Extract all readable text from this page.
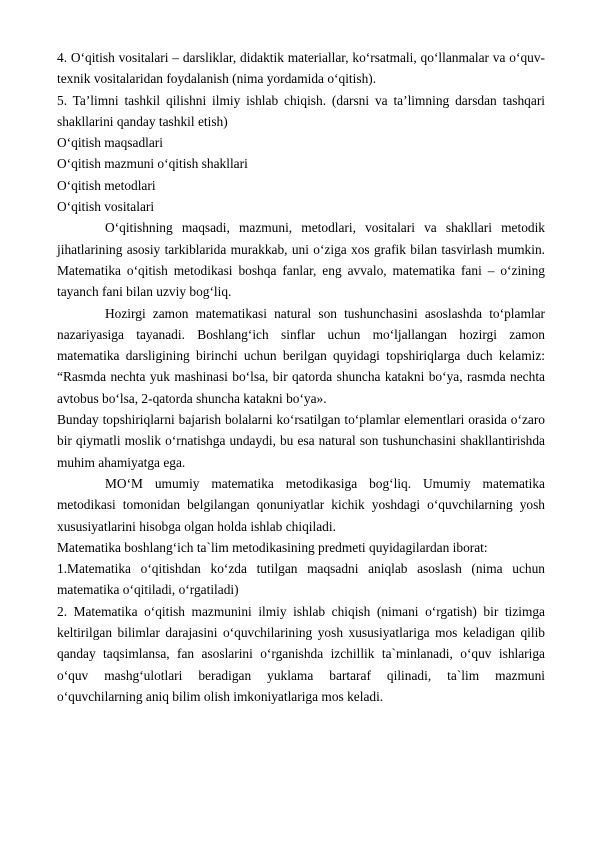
4. O‘qitish vositalari – darsliklar, didaktik materiallar, ko‘rsatmali, qo‘llanmalar va o‘quv- texnik vositalaridan foydalanish (nima yordamida o‘qitish).

5. Ta’limni tashkil qilishni ilmiy ishlab chiqish. (darsni va ta’limning darsdan tashqari shakllarini qanday tashkil etish)

O‘qitish maqsadlari

O‘qitish mazmuni o‘qitish shakllari

O‘qitish metodlari

O‘qitish vositalari

O‘qitishning maqsadi, mazmuni, metodlari, vositalari va shakllari metodik jihatlarining asosiy tarkiblarida murakkab, uni o‘ziga xos grafik bilan tasvirlash mumkin. Matematika o‘qitish metodikasi boshqa fanlar, eng avvalo, matematika fani – o‘zining tayanch fani bilan uzviy bog‘liq.

Hozirgi zamon matematikasi natural son tushunchasini asoslashda to‘plamlar nazariyasiga tayanadi. Boshlang‘ich sinflar uchun mo‘ljallangan hozirgi zamon matematika darsligining birinchi uchun berilgan quyidagi topshiriqlarga duch kelamiz: “Rasmda nechta yuk mashinasi bo‘lsa, bir qatorda shuncha katakni bo‘ya, rasmda nechta avtobus bo‘lsa, 2-qatorda shuncha katakni bo‘ya».

Bunday topshiriqlarni bajarish bolalarni ko‘rsatilgan to‘plamlar elementlari orasida o‘zaro bir qiymatli moslik o‘rnatishga undaydi, bu esa natural son tushunchasini shakllantirishda muhim ahamiyatga ega.

MO‘M umumiy matematika metodikasiga bog‘liq. Umumiy matematika metodikasi tomonidan belgilangan qonuniyatlar kichik yoshdagi o‘quvchilarning yosh xususiyatlarini hisobga olgan holda ishlab chiqiladi.

Matematika boshlang‘ich ta`lim metodikasining predmeti quyidagilardan iborat:

1.Matematika o‘qitishdan ko‘zda tutilgan maqsadni aniqlab asoslash (nima uchun matematika o‘qitiladi, o‘rgatiladi)

2. Matematika o‘qitish mazmunini ilmiy ishlab chiqish (nimani o‘rgatish) bir tizimga keltirilgan bilimlar darajasini o‘quvchilarining yosh xususiyatlariga mos keladigan qilib qanday taqsimlansa, fan asoslarini o‘rganishda izchillik ta`minlanadi, o‘quv ishlariga o‘quv mashg‘ulotlari beradigan yuklama bartaraf qilinadi, ta`lim mazmuni o‘quvchilarning aniq bilim olish imkoniyatlariga mos keladi.
